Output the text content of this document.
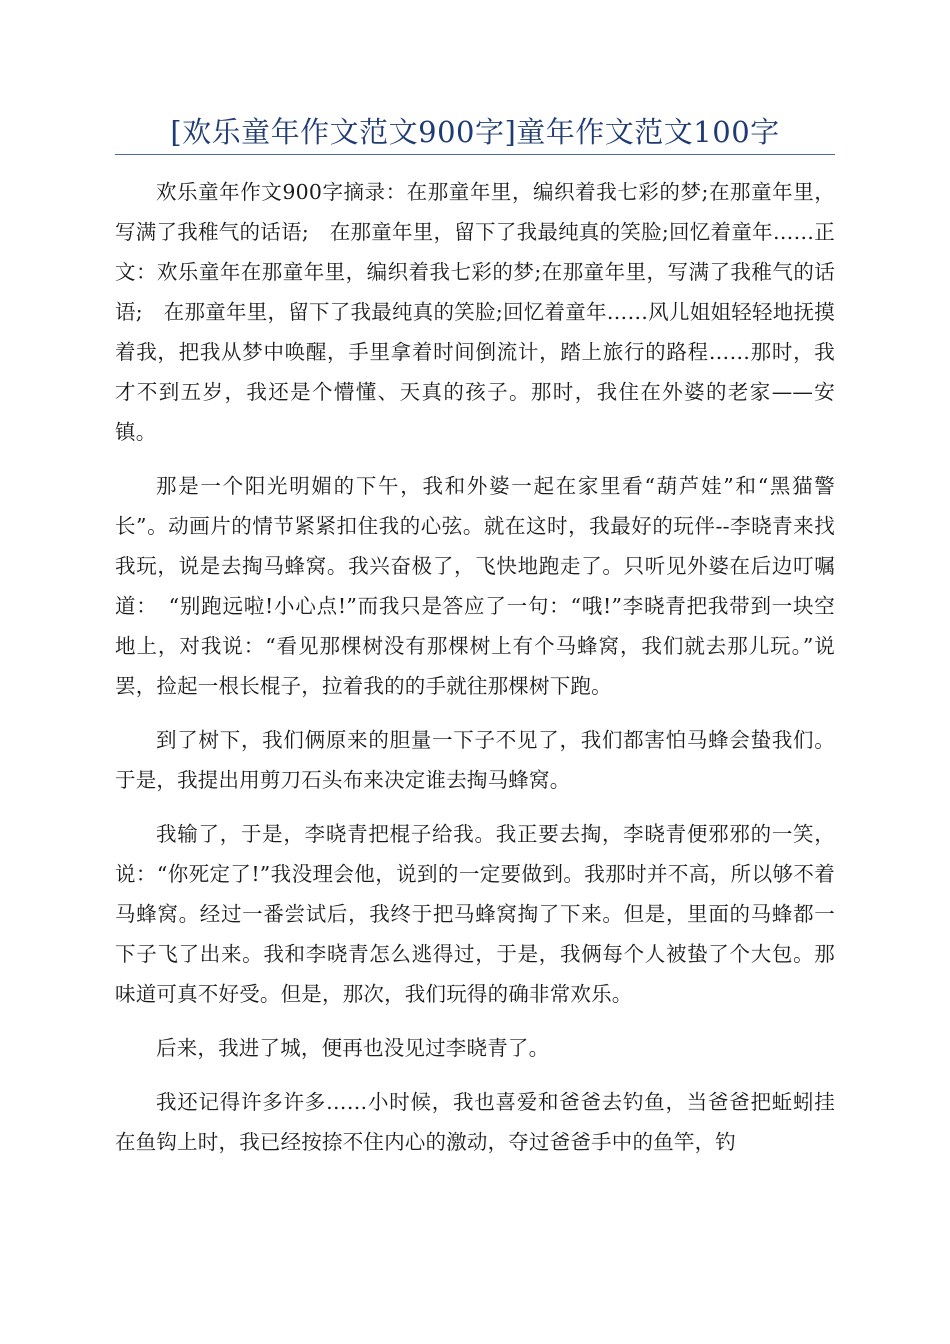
[欢乐童年作文范文900字]童年作文范文100字

欢乐童年作文900字摘录：在那童年里，编织着我七彩的梦;在那童年里，写满了我稚气的话语;　在那童年里，留下了我最纯真的笑脸;回忆着童年……正文：欢乐童年在那童年里，编织着我七彩的梦;在那童年里，写满了我稚气的话语;　在那童年里，留下了我最纯真的笑脸;回忆着童年……风儿姐姐轻轻地抚摸着我，把我从梦中唤醒，手里拿着时间倒流计，踏上旅行的路程……那时，我才不到五岁，我还是个懵懂、天真的孩子。那时，我住在外婆的老家——安镇。

那是一个阳光明媚的下午，我和外婆一起在家里看“葫芦娃”和“黑猫警长”。动画片的情节紧紧扣住我的心弦。就在这时，我最好的玩伴--李晓青来找我玩，说是去掏马蜂窝。我兴奋极了，飞快地跑走了。只听见外婆在后边叮嘱道：　“别跑远啦!小心点!”而我只是答应了一句：“哦!”李晓青把我带到一块空地上，对我说：“看见那棵树没有那棵树上有个马蜂窝，我们就去那儿玩。”说罢，捡起一根长棍子，拉着我的的手就往那棵树下跑。

到了树下，我们俩原来的胆量一下子不见了，我们都害怕马蜂会蛰我们。于是，我提出用剪刀石头布来决定谁去掏马蜂窝。

我输了，于是，李晓青把棍子给我。我正要去掏，李晓青便邪邪的一笑，说：“你死定了!”我没理会他，说到的一定要做到。我那时并不高，所以够不着马蜂窝。经过一番尝试后，我终于把马蜂窝掏了下来。但是，里面的马蜂都一下子飞了出来。我和李晓青怎么逃得过，于是，我俩每个人被蛰了个大包。那味道可真不好受。但是，那次，我们玩得的确非常欢乐。

后来，我进了城，便再也没见过李晓青了。

我还记得许多许多……小时候，我也喜爱和爸爸去钓鱼，当爸爸把蚯蚓挂在鱼钩上时，我已经按捺不住内心的激动，夺过爸爸手中的鱼竿，钓
